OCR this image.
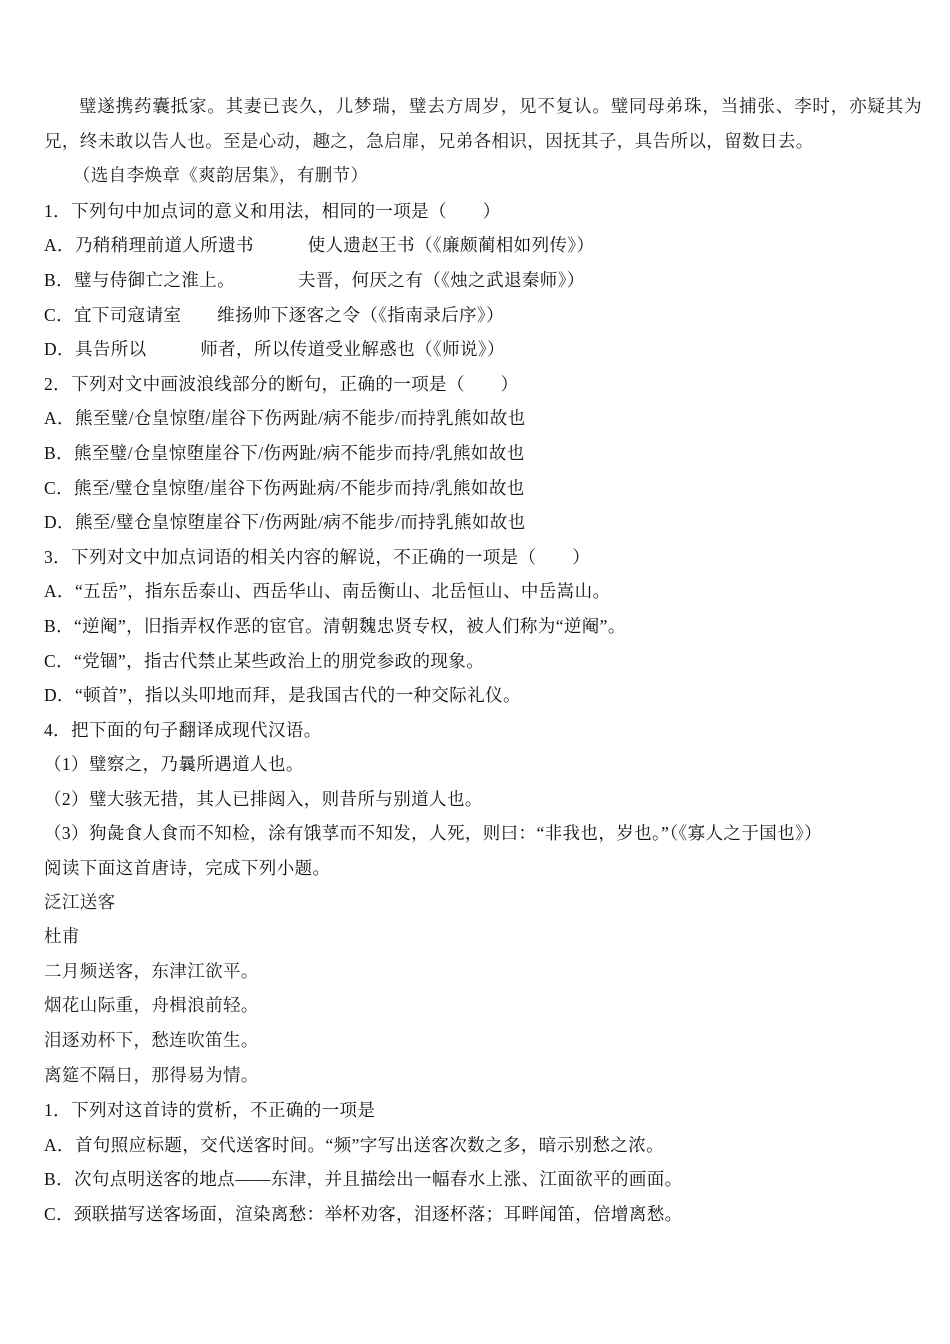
璧遂携药囊抵家。其妻已丧久，儿梦瑞，璧去方周岁，见不复认。璧同母弟珠，当捕张、李时，亦疑其为兄，终未敢以告人也。至是心动，趣之，急启扉，兄弟各相识，因抚其子，具告所以，留数日去。

（选自李焕章《爽韵居集》，有删节）

1．下列句中加点词的意义和用法，相同的一项是（　　）

A．乃稍稍理前道人所遗书　　　使人遗赵王书（《廉颇蔺相如列传》）

B．璧与侍御亡之淮上。　　　　夫晋，何厌之有（《烛之武退秦师》）

C．宜下司寇请室　　维扬帅下逐客之令（《指南录后序》）

D．具告所以　　　师者，所以传道受业解惑也（《师说》）

2．下列对文中画波浪线部分的断句，正确的一项是（　　）

A．熊至璧/仓皇惊堕/崖谷下伤两趾/病不能步/而持乳熊如故也

B．熊至璧/仓皇惊堕崖谷下/伤两趾/病不能步而持/乳熊如故也

C．熊至/璧仓皇惊堕/崖谷下伤两趾病/不能步而持/乳熊如故也

D．熊至/璧仓皇惊堕崖谷下/伤两趾/病不能步/而持乳熊如故也

3．下列对文中加点词语的相关内容的解说，不正确的一项是（　　）

A．“五岳”，指东岳泰山、西岳华山、南岳衡山、北岳恒山、中岳嵩山。

B．“逆阉”，旧指弄权作恶的宦官。清朝魏忠贤专权，被人们称为“逆阉”。

C．“党锢”，指古代禁止某些政治上的朋党参政的现象。

D．“顿首”，指以头叩地而拜，是我国古代的一种交际礼仪。

4．把下面的句子翻译成现代汉语。

（1）璧察之，乃曩所遇道人也。

（2）璧大骇无措，其人已排闼入，则昔所与别道人也。

（3）狗彘食人食而不知检，涂有饿莩而不知发，人死，则曰：“非我也，岁也。”（《寡人之于国也》）

阅读下面这首唐诗，完成下列小题。

泛江送客

杜甫

二月频送客，东津江欲平。

烟花山际重，舟楫浪前轻。

泪逐劝杯下，愁连吹笛生。

离筵不隔日，那得易为情。

1．下列对这首诗的赏析，不正确的一项是

A．首句照应标题，交代送客时间。“频”字写出送客次数之多，暗示别愁之浓。

B．次句点明送客的地点——东津，并且描绘出一幅春水上涨、江面欲平的画面。

C．颈联描写送客场面，渲染离愁：举杯劝客，泪逐杯落；耳畔闻笛，倍增离愁。
